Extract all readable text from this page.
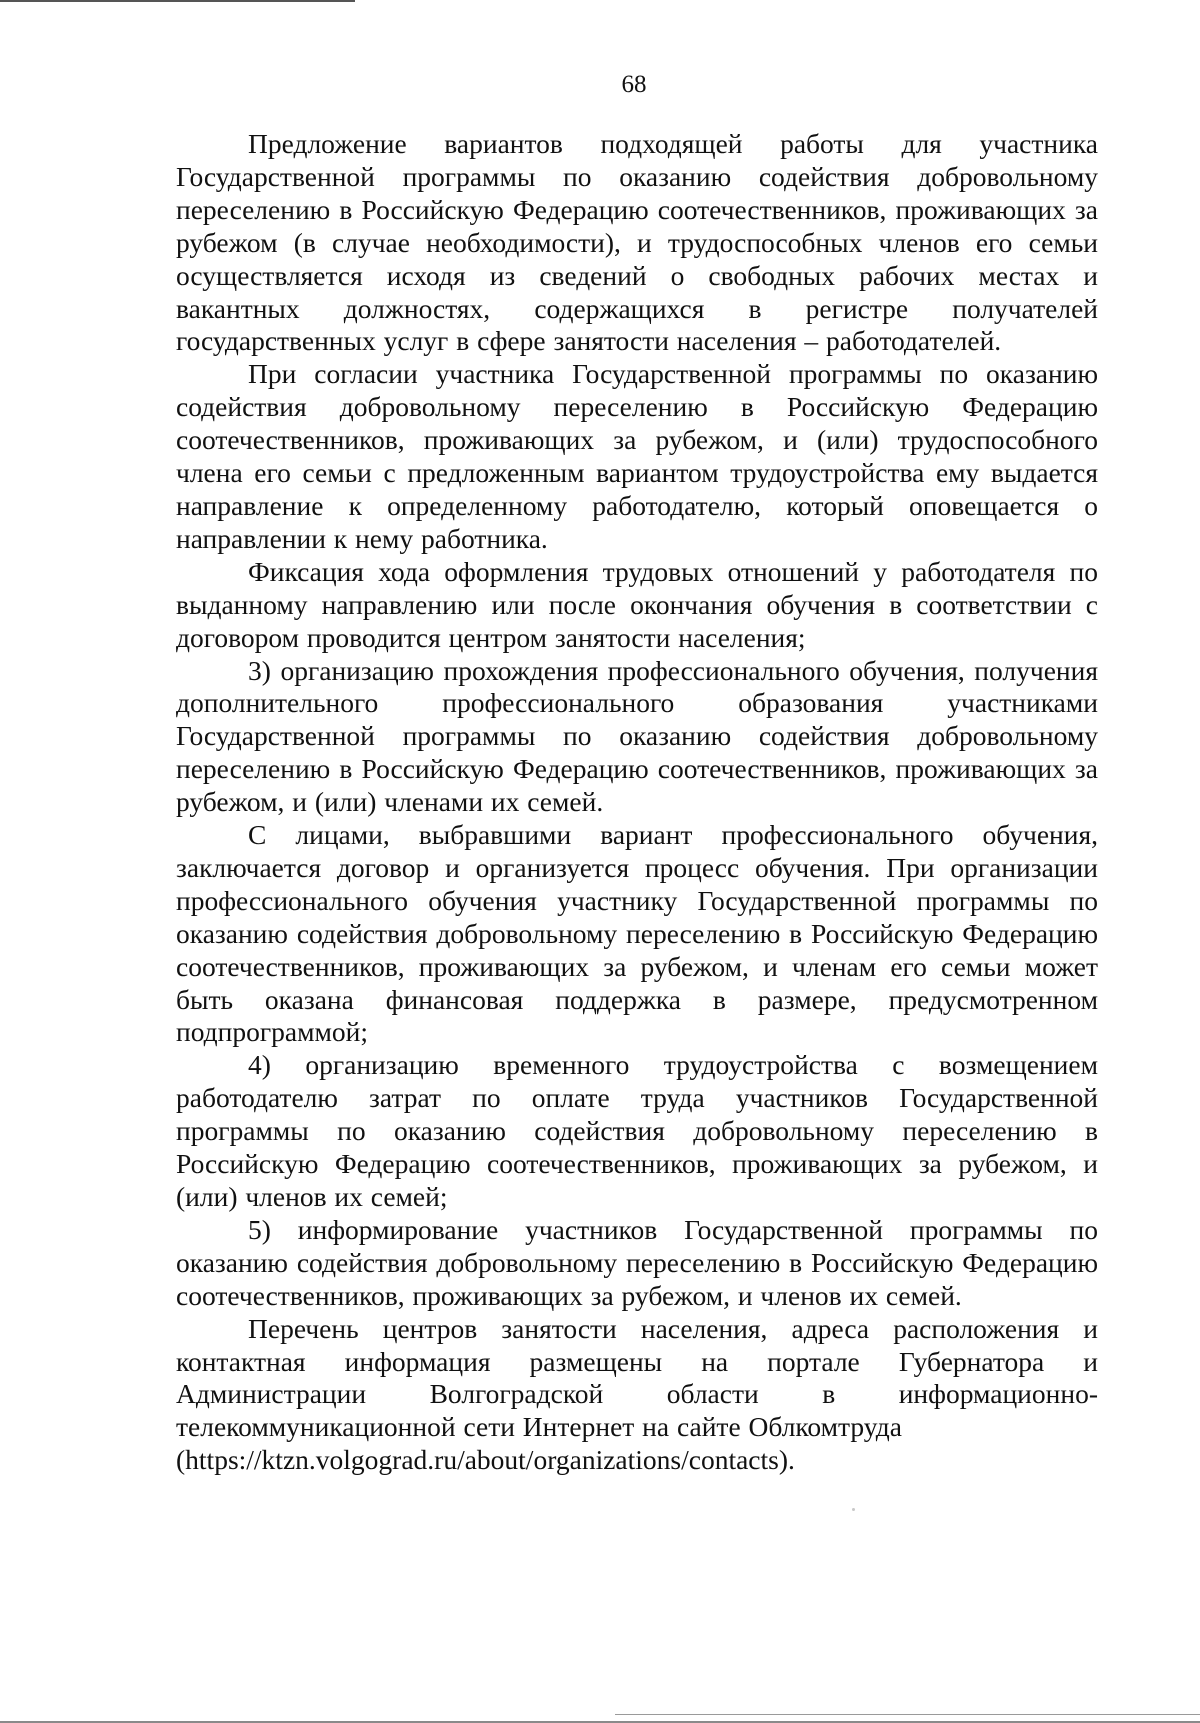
68

Предложение вариантов подходящей работы для участника Государственной программы по оказанию содействия добровольному переселению в Российскую Федерацию соотечественников, проживающих за рубежом (в случае необходимости), и трудоспособных членов его семьи осуществляется исходя из сведений о свободных рабочих местах и вакантных должностях, содержащихся в регистре получателей государственных услуг в сфере занятости населения – работодателей.

При согласии участника Государственной программы по оказанию содействия добровольному переселению в Российскую Федерацию соотечественников, проживающих за рубежом, и (или) трудоспособного члена его семьи с предложенным вариантом трудоустройства ему выдается направление к определенному работодателю, который оповещается о направлении к нему работника.

Фиксация хода оформления трудовых отношений у работодателя по выданному направлению или после окончания обучения в соответствии с договором проводится центром занятости населения;

3) организацию прохождения профессионального обучения, получения дополнительного профессионального образования участниками Государственной программы по оказанию содействия добровольному переселению в Российскую Федерацию соотечественников, проживающих за рубежом, и (или) членами их семей.

С лицами, выбравшими вариант профессионального обучения, заключается договор и организуется процесс обучения. При организации профессионального обучения участнику Государственной программы по оказанию содействия добровольному переселению в Российскую Федерацию соотечественников, проживающих за рубежом, и членам его семьи может быть оказана финансовая поддержка в размере, предусмотренном подпрограммой;

4) организацию временного трудоустройства с возмещением работодателю затрат по оплате труда участников Государственной программы по оказанию содействия добровольному переселению в Российскую Федерацию соотечественников, проживающих за рубежом, и (или) членов их семей;

5) информирование участников Государственной программы по оказанию содействия добровольному переселению в Российскую Федерацию соотечественников, проживающих за рубежом, и членов их семей.

Перечень центров занятости населения, адреса расположения и контактная информация размещены на портале Губернатора и Администрации Волгоградской области в информационно-телекоммуникационной сети Интернет на сайте Облкомтруда
(https://ktzn.volgograd.ru/about/organizations/contacts).
